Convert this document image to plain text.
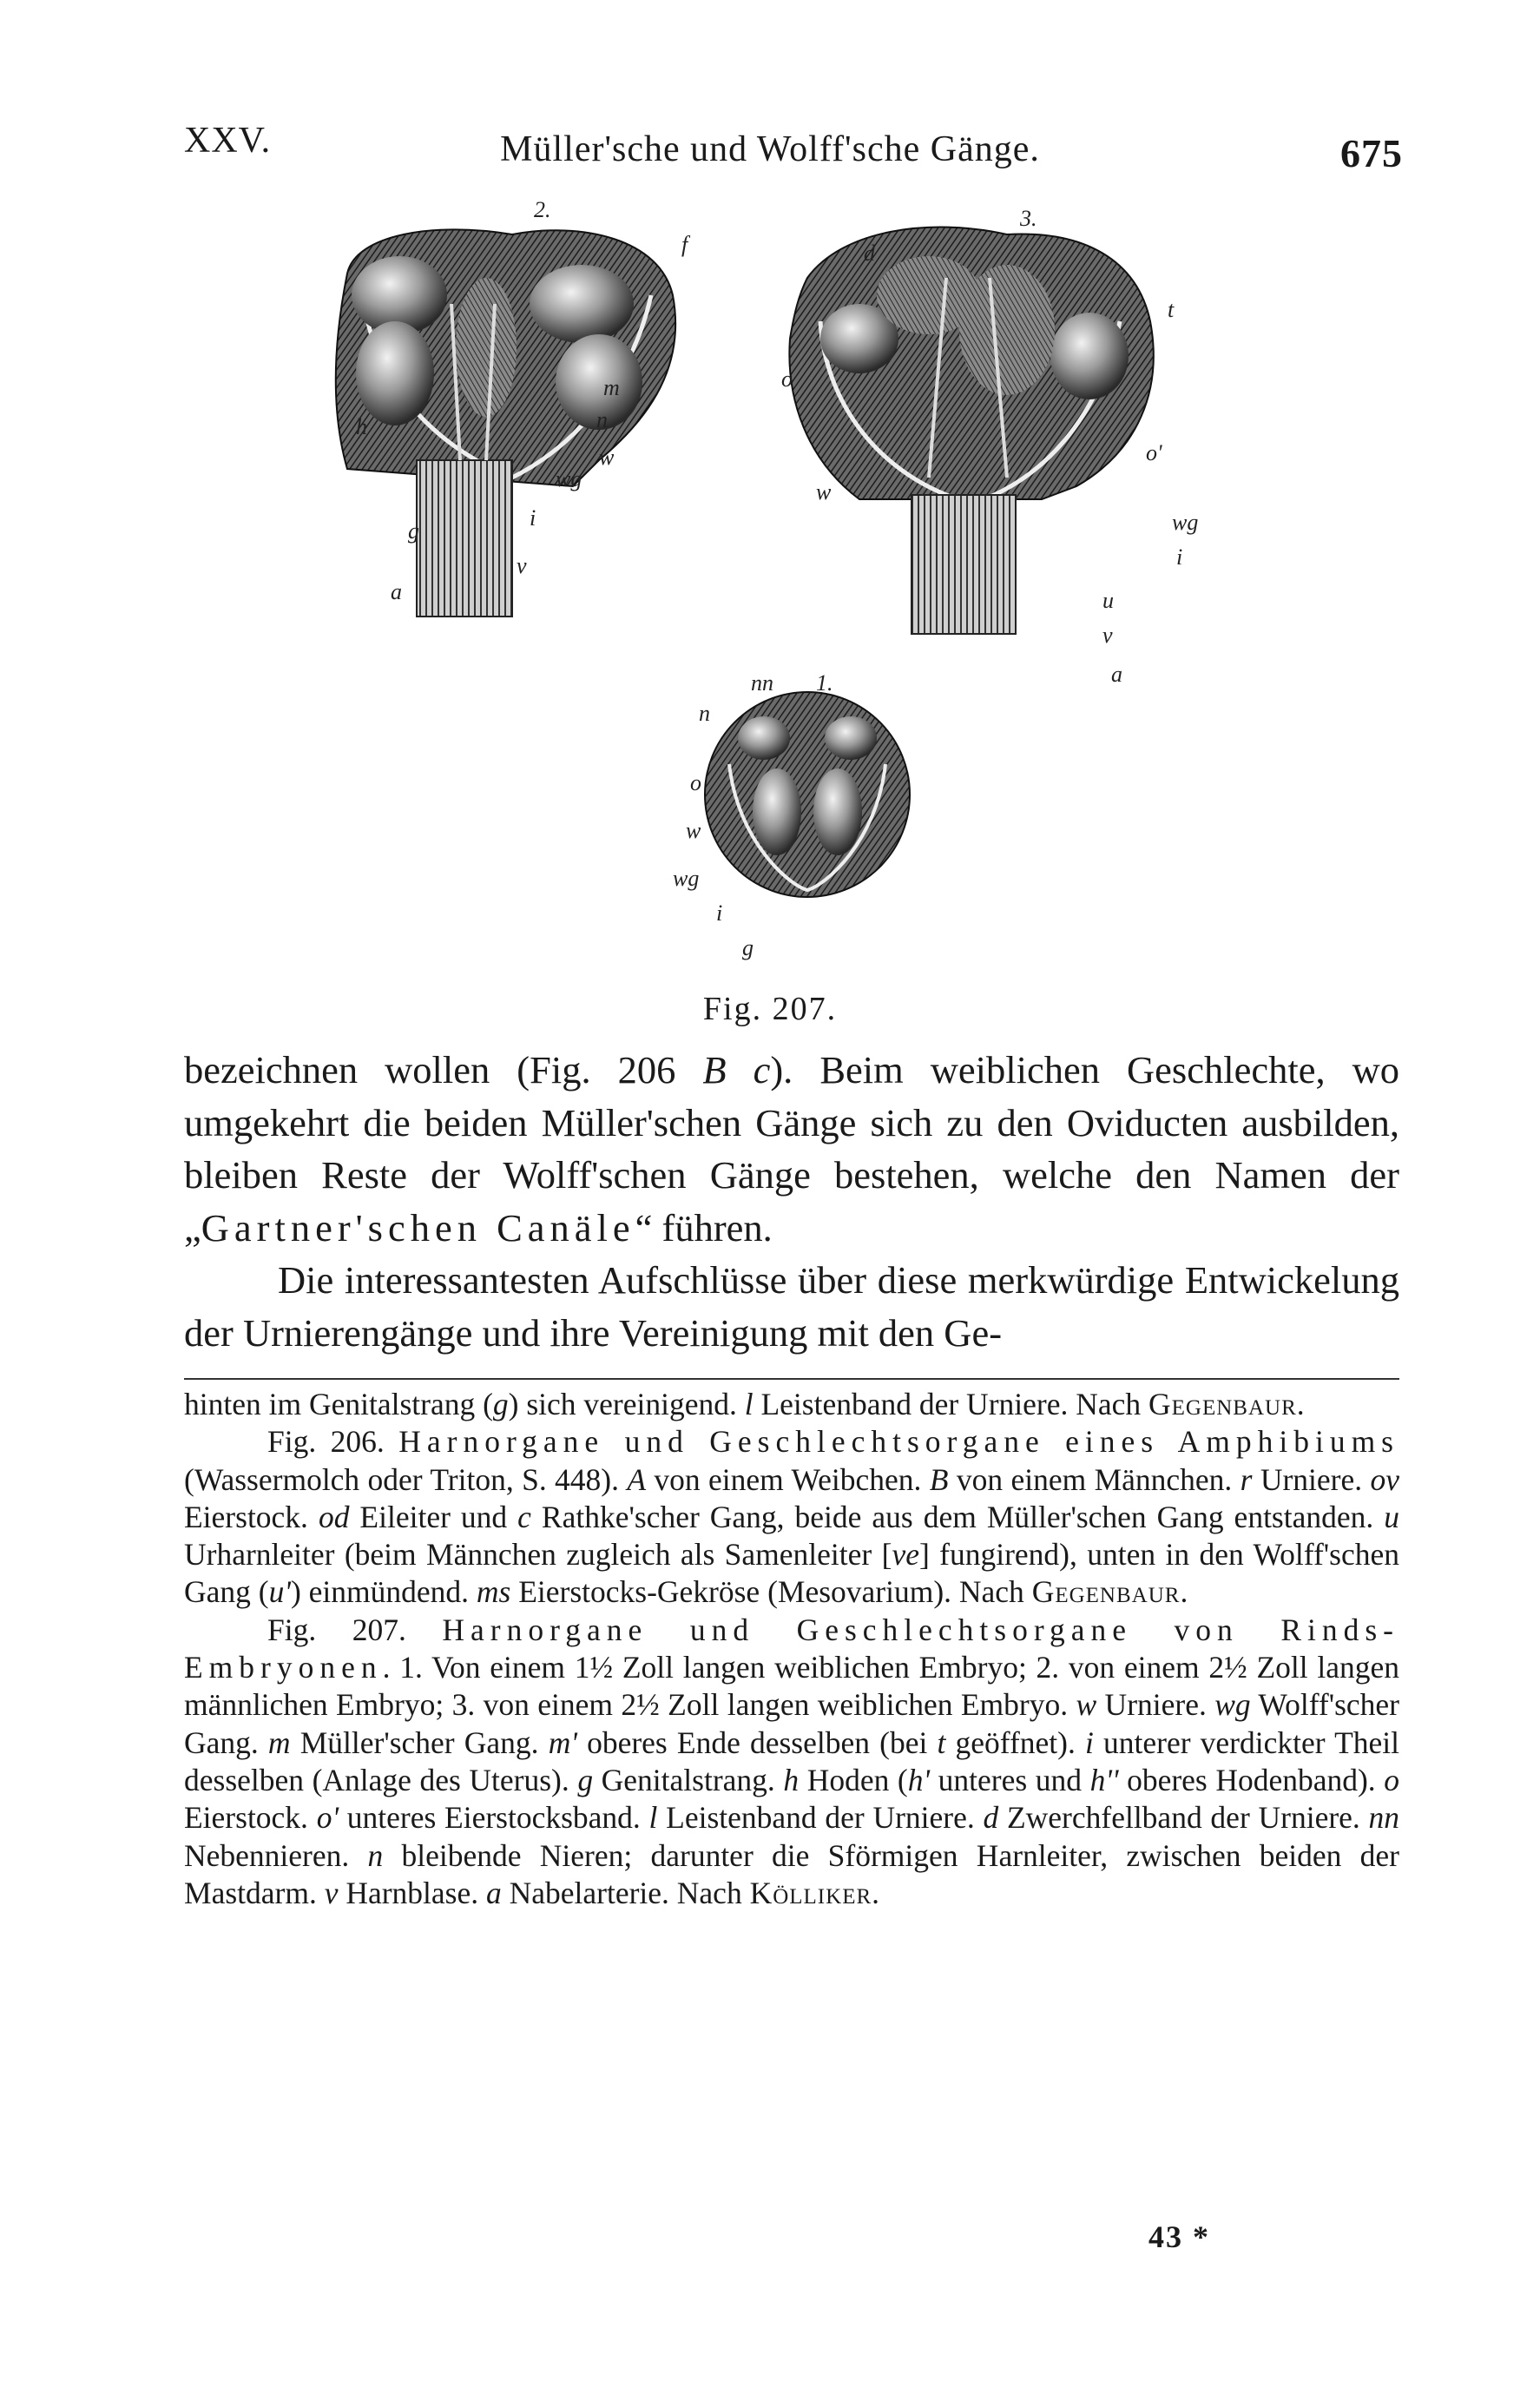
XXV.	Müller'sche und Wolff'sche Gänge.	675
2.
h
g
a
v
i
wg
w
n
m
f
3.
d
t
o
o'
wg
i
u
v
a
w
1.
nn
n
o
w
wg
i
g
Fig. 207.

bezeichnen wollen (Fig. 206 B c). Beim weiblichen Geschlechte, wo umgekehrt die beiden Müller'schen Gänge sich zu den Oviducten ausbilden, bleiben Reste der Wolff'schen Gänge bestehen, welche den Namen der „Gartner'schen Canäle“ führen.

Die interessantesten Aufschlüsse über diese merkwürdige Entwickelung der Urnierengänge und ihre Vereinigung mit den Ge-

hinten im Genitalstrang (g) sich vereinigend. l Leistenband der Urniere. Nach Gegenbaur.

Fig. 206. Harnorgane und Geschlechtsorgane eines Amphibiums (Wassermolch oder Triton, S. 448). A von einem Weibchen. B von einem Männchen. r Urniere. ov Eierstock. od Eileiter und c Rathke'scher Gang, beide aus dem Müller'schen Gang entstanden. u Urharnleiter (beim Männchen zugleich als Samenleiter [ve] fungirend), unten in den Wolff'schen Gang (u') einmündend. ms Eierstocks-Gekröse (Mesovarium). Nach Gegenbaur.

Fig. 207. Harnorgane und Geschlechtsorgane von Rinds-Embryonen. 1. Von einem 1½ Zoll langen weiblichen Embryo; 2. von einem 2½ Zoll langen männlichen Embryo; 3. von einem 2½ Zoll langen weiblichen Embryo. w Urniere. wg Wolff'scher Gang. m Müller'scher Gang. m' oberes Ende desselben (bei t geöffnet). i unterer verdickter Theil desselben (Anlage des Uterus). g Genitalstrang. h Hoden (h' unteres und h'' oberes Hodenband). o Eierstock. o' unteres Eierstocksband. l Leistenband der Urniere. d Zwerchfellband der Urniere. nn Nebennieren. n bleibende Nieren; darunter die Sförmigen Harnleiter, zwischen beiden der Mastdarm. v Harnblase. a Nabelarterie. Nach Kölliker.

43 *
